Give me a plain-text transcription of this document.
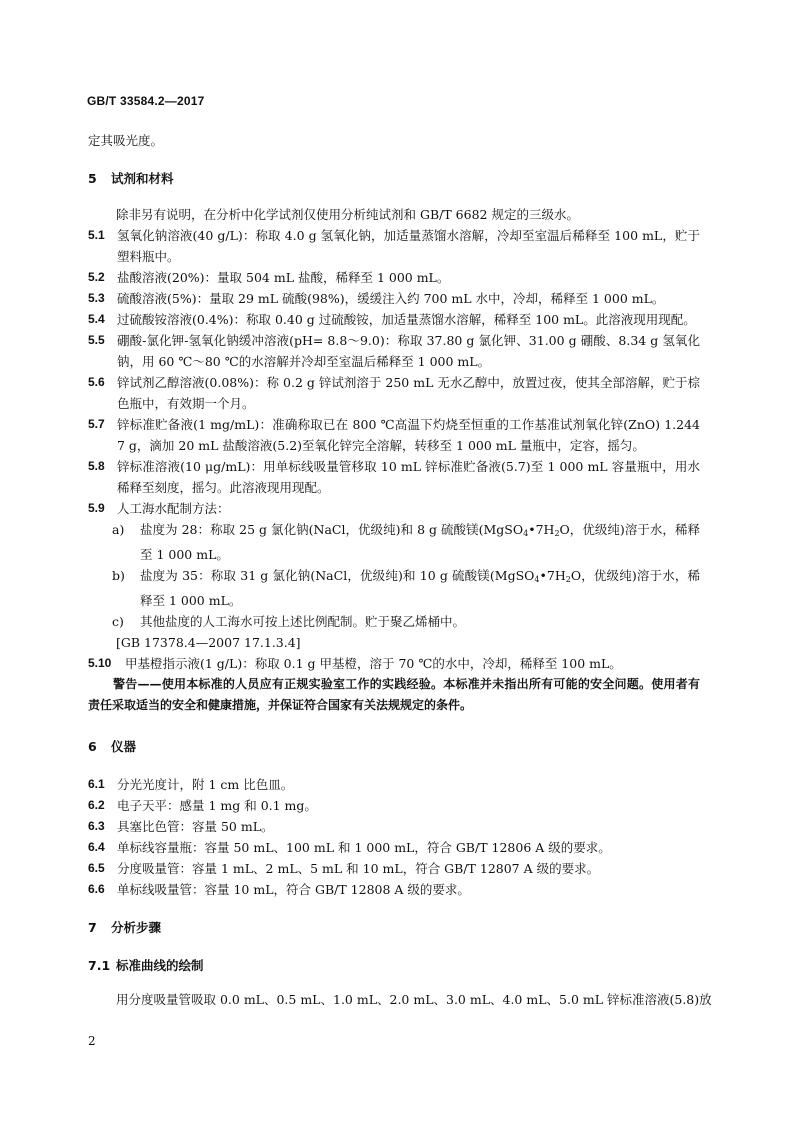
GB/T 33584.2—2017

定其吸光度。

5	试剂和材料

除非另有说明，在分析中化学试剂仅使用分析纯试剂和 GB/T 6682 规定的三级水。

5.1 氢氧化钠溶液(40 g/L)：称取 4.0 g 氢氧化钠，加适量蒸馏水溶解，冷却至室温后稀释至 100 mL，贮于塑料瓶中。
5.2 盐酸溶液(20%)：量取 504 mL 盐酸，稀释至 1 000 mL。
5.3 硫酸溶液(5%)：量取 29 mL 硫酸(98%)，缓缓注入约 700 mL 水中，冷却，稀释至 1 000 mL。
5.4 过硫酸铵溶液(0.4%)：称取 0.40 g 过硫酸铵，加适量蒸馏水溶解，稀释至 100 mL。此溶液现用现配。
5.5 硼酸-氯化钾-氢氧化钠缓冲溶液(pH= 8.8～9.0)：称取 37.80 g 氯化钾、31.00 g 硼酸、8.34 g 氢氧化钠，用 60 ℃～80 ℃的水溶解并冷却至室温后稀释至 1 000 mL。
5.6 锌试剂乙醇溶液(0.08%)：称 0.2 g 锌试剂溶于 250 mL 无水乙醇中，放置过夜，使其全部溶解，贮于棕色瓶中，有效期一个月。
5.7 锌标准贮备液(1 mg/mL)：准确称取已在 800 ℃高温下灼烧至恒重的工作基准试剂氧化锌(ZnO) 1.244 7 g，滴加 20 mL 盐酸溶液(5.2)至氧化锌完全溶解，转移至 1 000 mL 量瓶中，定容，摇匀。
5.8 锌标准溶液(10 μg/mL)：用单标线吸量管移取 10 mL 锌标准贮备液(5.7)至 1 000 mL 容量瓶中，用水稀释至刻度，摇匀。此溶液现用现配。
5.9 人工海水配制方法：
a)	盐度为 28：称取 25 g 氯化钠(NaCl，优级纯)和 8 g 硫酸镁($MgSO_4•7H_2O$，优级纯)溶于水，稀释至 1 000 mL。
b)	盐度为 35：称取 31 g 氯化钠(NaCl，优级纯)和 10 g 硫酸镁($MgSO_4•7H_2O$，优级纯)溶于水，稀释至 1 000 mL。
c)	其他盐度的人工海水可按上述比例配制。贮于聚乙烯桶中。
[GB 17378.4—2007 17.1.3.4]
5.10	甲基橙指示液(1 g/L)：称取 0.1 g 甲基橙，溶于 70 ℃的水中，冷却，稀释至 100 mL。
警告——使用本标准的人员应有正规实验室工作的实践经验。本标准并未指出所有可能的安全问题。使用者有责任采取适当的安全和健康措施，并保证符合国家有关法规规定的条件。
6	仪器
6.1 分光光度计，附 1 cm 比色皿。
6.2 电子天平：感量 1 mg 和 0.1 mg。
6.3 具塞比色管：容量 50 mL。
6.4 单标线容量瓶：容量 50 mL、100 mL 和 1 000 mL，符合 GB/T 12806 A 级的要求。
6.5 分度吸量管：容量 1 mL、2 mL、5 mL 和 10 mL，符合 GB/T 12807 A 级的要求。
6.6 单标线吸量管：容量 10 mL，符合 GB/T 12808 A 级的要求。
7	分析步骤
7.1 标准曲线的绘制

用分度吸量管吸取 0.0 mL、0.5 mL、1.0 mL、2.0 mL、3.0 mL、4.0 mL、5.0 mL 锌标准溶液(5.8)放

2
